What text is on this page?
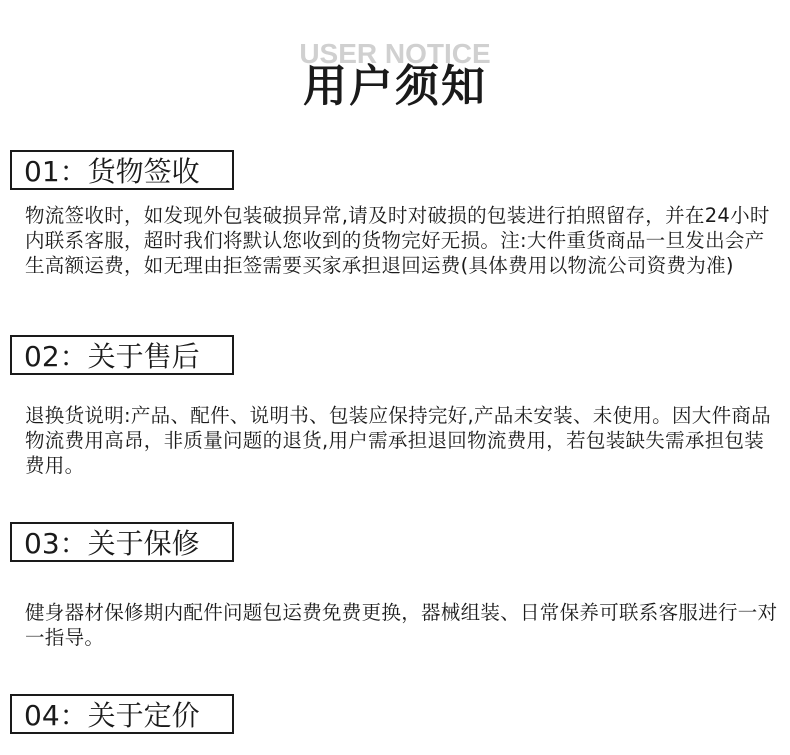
USER NOTICE
用户须知
01：货物签收
物流签收时，如发现外包装破损异常,请及时对破损的包装进行拍照留存，并在24小时内联系客服，超时我们将默认您收到的货物完好无损。注:大件重货商品一旦发出会产生高额运费，如无理由拒签需要买家承担退回运费(具体费用以物流公司资费为准)
02：关于售后
退换货说明:产品、配件、说明书、包装应保持完好,产品未安装、未使用。因大件商品物流费用高昂，非质量问题的退货,用户需承担退回物流费用，若包装缺失需承担包装费用。
03：关于保修
健身器材保修期内配件问题包运费免费更换，器械组装、日常保养可联系客服进行一对一指导。
04：关于定价
